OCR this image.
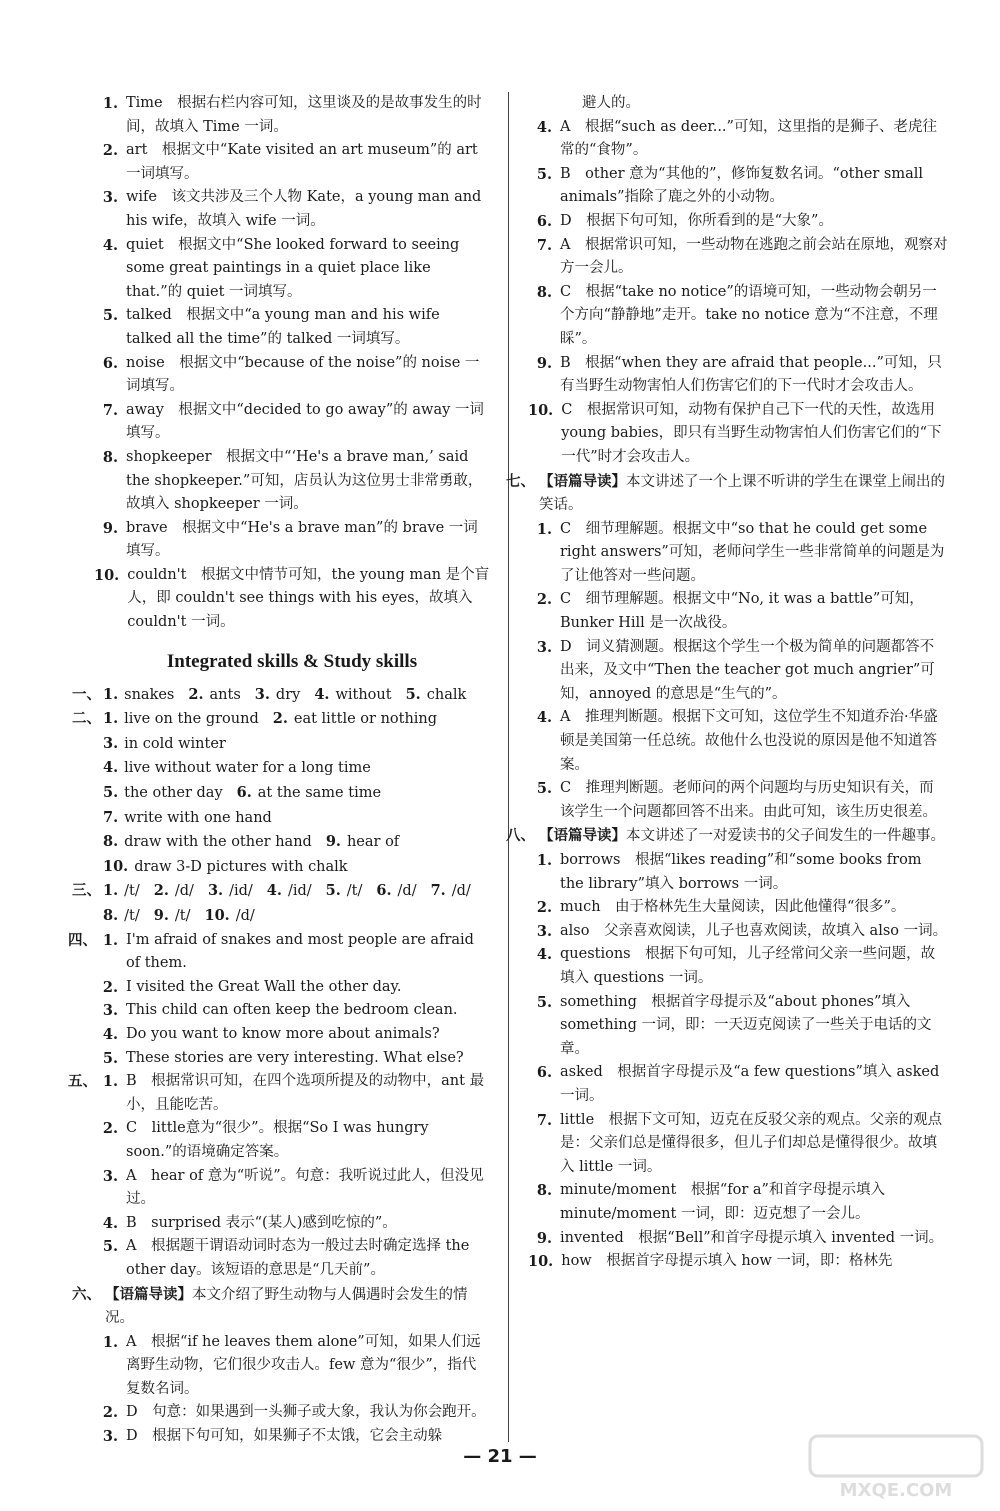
1. Time　根据右栏内容可知，这里谈及的是故事发生的时间，故填入 Time 一词。
2. art　根据文中“Kate visited an art museum”的 art 一词填写。
3. wife　该文共涉及三个人物 Kate，a young man and his wife，故填入 wife 一词。
4. quiet　根据文中“She looked forward to seeing some great paintings in a quiet place like that.”的 quiet 一词填写。
5. talked　根据文中“a young man and his wife talked all the time”的 talked 一词填写。
6. noise　根据文中“because of the noise”的 noise 一词填写。
7. away　根据文中“decided to go away”的 away 一词填写。
8. shopkeeper　根据文中“‘He's a brave man,’ said the shopkeeper.”可知，店员认为这位男士非常勇敢，故填入 shopkeeper 一词。
9. brave　根据文中“He's a brave man”的 brave 一词填写。
10. couldn't　根据文中情节可知，the young man 是个盲人，即 couldn't see things with his eyes，故填入 couldn't 一词。
Integrated skills & Study skills
一、 1. snakes 2. ants 3. dry 4. without 5. chalk
二、 1. live on the ground 2. eat little or nothing
3. in cold winter
4. live without water for a long time
5. the other day 6. at the same time
7. write with one hand
8. draw with the other hand 9. hear of
10. draw 3-D pictures with chalk
三、 1. /t/ 2. /d/ 3. /id/ 4. /id/ 5. /t/ 6. /d/ 7. /d/
8. /t/ 9. /t/ 10. /d/
四、 1. I'm afraid of snakes and most people are afraid of them.
2. I visited the Great Wall the other day.
3. This child can often keep the bedroom clean.
4. Do you want to know more about animals?
5. These stories are very interesting. What else?
五、 1. B　根据常识可知，在四个选项所提及的动物中，ant 最小，且能吃苦。
2. C　little意为“很少”。根据“So I was hungry soon.”的语境确定答案。
3. A　hear of 意为“听说”。句意：我听说过此人，但没见过。
4. B　surprised 表示“(某人)感到吃惊的”。
5. A　根据题干谓语动词时态为一般过去时确定选择 the other day。该短语的意思是“几天前”。
六、 【语篇导读】本文介绍了野生动物与人偶遇时会发生的情况。
1. A　根据“if he leaves them alone”可知，如果人们远离野生动物，它们很少攻击人。few 意为“很少”，指代复数名词。
2. D　句意：如果遇到一头狮子或大象，我认为你会跑开。
3. D　根据下句可知，如果狮子不太饿，它会主动躲
避人的。
4. A　根据“such as deer...”可知，这里指的是狮子、老虎往常的“食物”。
5. B　other 意为“其他的”，修饰复数名词。“other small animals”指除了鹿之外的小动物。
6. D　根据下句可知，你所看到的是“大象”。
7. A　根据常识可知，一些动物在逃跑之前会站在原地，观察对方一会儿。
8. C　根据“take no notice”的语境可知，一些动物会朝另一个方向“静静地”走开。take no notice 意为“不注意，不理睬”。
9. B　根据“when they are afraid that people...”可知，只有当野生动物害怕人们伤害它们的下一代时才会攻击人。
10. C　根据常识可知，动物有保护自己下一代的天性，故选用 young babies，即只有当野生动物害怕人们伤害它们的“下一代”时才会攻击人。
七、 【语篇导读】本文讲述了一个上课不听讲的学生在课堂上闹出的笑话。
1. C　细节理解题。根据文中“so that he could get some right answers”可知，老师问学生一些非常简单的问题是为了让他答对一些问题。
2. C　细节理解题。根据文中“No, it was a battle”可知，Bunker Hill 是一次战役。
3. D　词义猜测题。根据这个学生一个极为简单的问题都答不出来，及文中“Then the teacher got much angrier”可知，annoyed 的意思是“生气的”。
4. A　推理判断题。根据下文可知，这位学生不知道乔治·华盛顿是美国第一任总统。故他什么也没说的原因是他不知道答案。
5. C　推理判断题。老师问的两个问题均与历史知识有关，而该学生一个问题都回答不出来。由此可知，该生历史很差。
八、 【语篇导读】本文讲述了一对爱读书的父子间发生的一件趣事。
1. borrows　根据“likes reading”和“some books from the library”填入 borrows 一词。
2. much　由于格林先生大量阅读，因此他懂得“很多”。
3. also　父亲喜欢阅读，儿子也喜欢阅读，故填入 also 一词。
4. questions　根据下句可知，儿子经常问父亲一些问题，故填入 questions 一词。
5. something　根据首字母提示及“about phones”填入 something 一词，即：一天迈克阅读了一些关于电话的文章。
6. asked　根据首字母提示及“a few questions”填入 asked 一词。
7. little　根据下文可知，迈克在反驳父亲的观点。父亲的观点是：父亲们总是懂得很多，但儿子们却总是懂得很少。故填入 little 一词。
8. minute/moment　根据“for a”和首字母提示填入 minute/moment 一词，即：迈克想了一会儿。
9. invented　根据“Bell”和首字母提示填入 invented 一词。
10. how　根据首字母提示填入 how 一词，即：格林先
— 21 —
MXQE.COM
